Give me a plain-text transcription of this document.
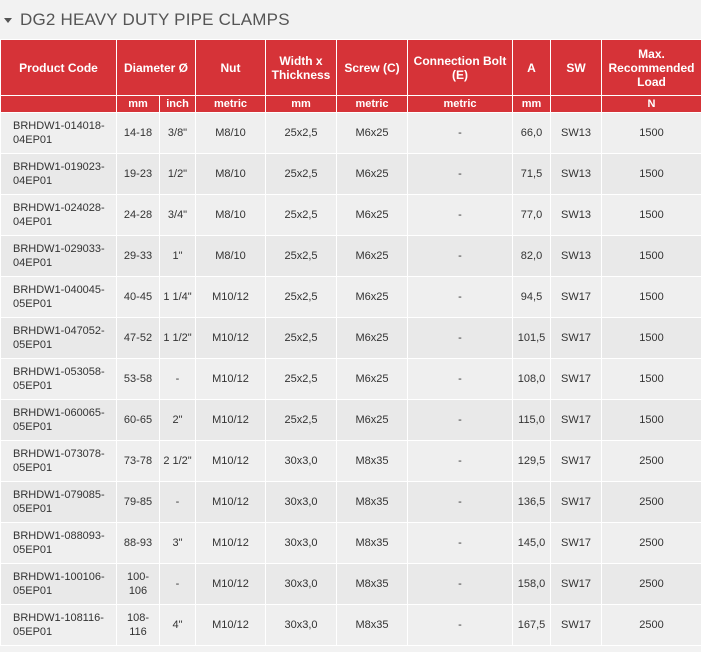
DG2 HEAVY DUTY PIPE CLAMPS
Product Code	Diameter Ø		Nut	Width x Thickness	Screw (C)	Connection Bolt (E)	A	SW	Max. Recommended Load
	mm	inch	metric	mm	metric	metric	mm		N
BRHDW1-014018-04EP01	14-18	3/8"	M8/10	25x2,5	M6x25	-	66,0	SW13	1500
BRHDW1-019023-04EP01	19-23	1/2"	M8/10	25x2,5	M6x25	-	71,5	SW13	1500
BRHDW1-024028-04EP01	24-28	3/4"	M8/10	25x2,5	M6x25	-	77,0	SW13	1500
BRHDW1-029033-04EP01	29-33	1"	M8/10	25x2,5	M6x25	-	82,0	SW13	1500
BRHDW1-040045-05EP01	40-45	1 1/4"	M10/12	25x2,5	M6x25	-	94,5	SW17	1500
BRHDW1-047052-05EP01	47-52	1 1/2"	M10/12	25x2,5	M6x25	-	101,5	SW17	1500
BRHDW1-053058-05EP01	53-58	-	M10/12	25x2,5	M6x25	-	108,0	SW17	1500
BRHDW1-060065-05EP01	60-65	2"	M10/12	25x2,5	M6x25	-	115,0	SW17	1500
BRHDW1-073078-05EP01	73-78	2 1/2"	M10/12	30x3,0	M8x35	-	129,5	SW17	2500
BRHDW1-079085-05EP01	79-85	-	M10/12	30x3,0	M8x35	-	136,5	SW17	2500
BRHDW1-088093-05EP01	88-93	3"	M10/12	30x3,0	M8x35	-	145,0	SW17	2500
BRHDW1-100106-05EP01	100-106	-	M10/12	30x3,0	M8x35	-	158,0	SW17	2500
BRHDW1-108116-05EP01	108-116	4"	M10/12	30x3,0	M8x35	-	167,5	SW17	2500
